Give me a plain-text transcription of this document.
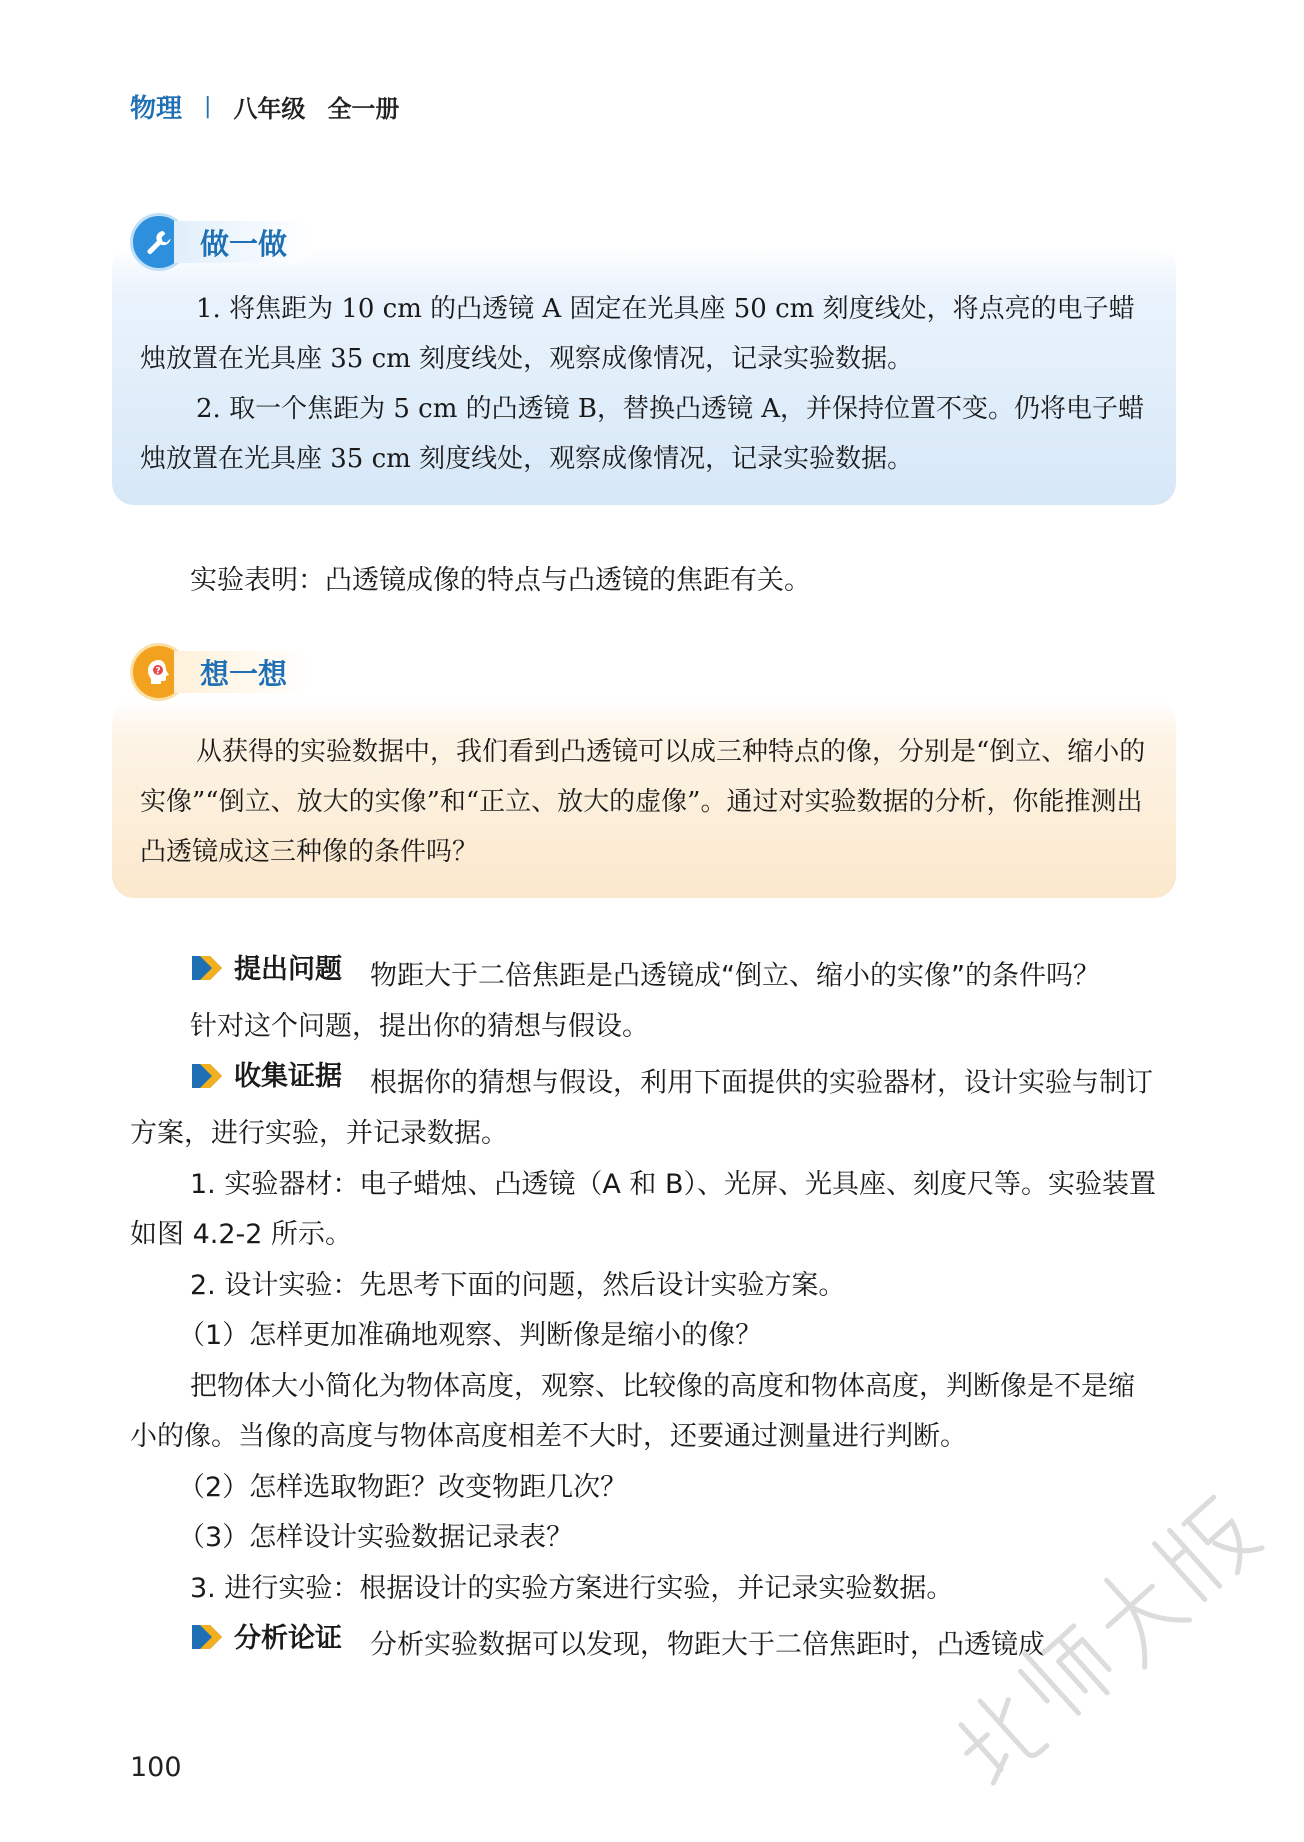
物理 | 八年级 全一册
做一做

1. 将焦距为 10 cm 的凸透镜 A 固定在光具座 50 cm 刻度线处，将点亮的电子蜡烛放置在光具座 35 cm 刻度线处，观察成像情况，记录实验数据。

2. 取一个焦距为 5 cm 的凸透镜 B，替换凸透镜 A，并保持位置不变。仍将电子蜡烛放置在光具座 35 cm 刻度线处，观察成像情况，记录实验数据。

实验表明：凸透镜成像的特点与凸透镜的焦距有关。

?	想一想

从获得的实验数据中，我们看到凸透镜可以成三种特点的像，分别是“倒立、缩小的实像”“倒立、放大的实像”和“正立、放大的虚像”。通过对实验数据的分析，你能推测出凸透镜成这三种像的条件吗？

提出问题 物距大于二倍焦距是凸透镜成“倒立、缩小的实像”的条件吗？

针对这个问题，提出你的猜想与假设。

收集证据 根据你的猜想与假设，利用下面提供的实验器材，设计实验与制订方案，进行实验，并记录数据。

1. 实验器材：电子蜡烛、凸透镜（A 和 B）、光屏、光具座、刻度尺等。实验装置如图 4.2-2 所示。

2. 设计实验：先思考下面的问题，然后设计实验方案。

（1）怎样更加准确地观察、判断像是缩小的像？

把物体大小简化为物体高度，观察、比较像的高度和物体高度，判断像是不是缩小的像。当像的高度与物体高度相差不大时，还要通过测量进行判断。

（2）怎样选取物距？改变物距几次？

（3）怎样设计实验数据记录表？

3. 进行实验：根据设计的实验方案进行实验，并记录实验数据。

分析论证 分析实验数据可以发现，物距大于二倍焦距时，凸透镜成

100
